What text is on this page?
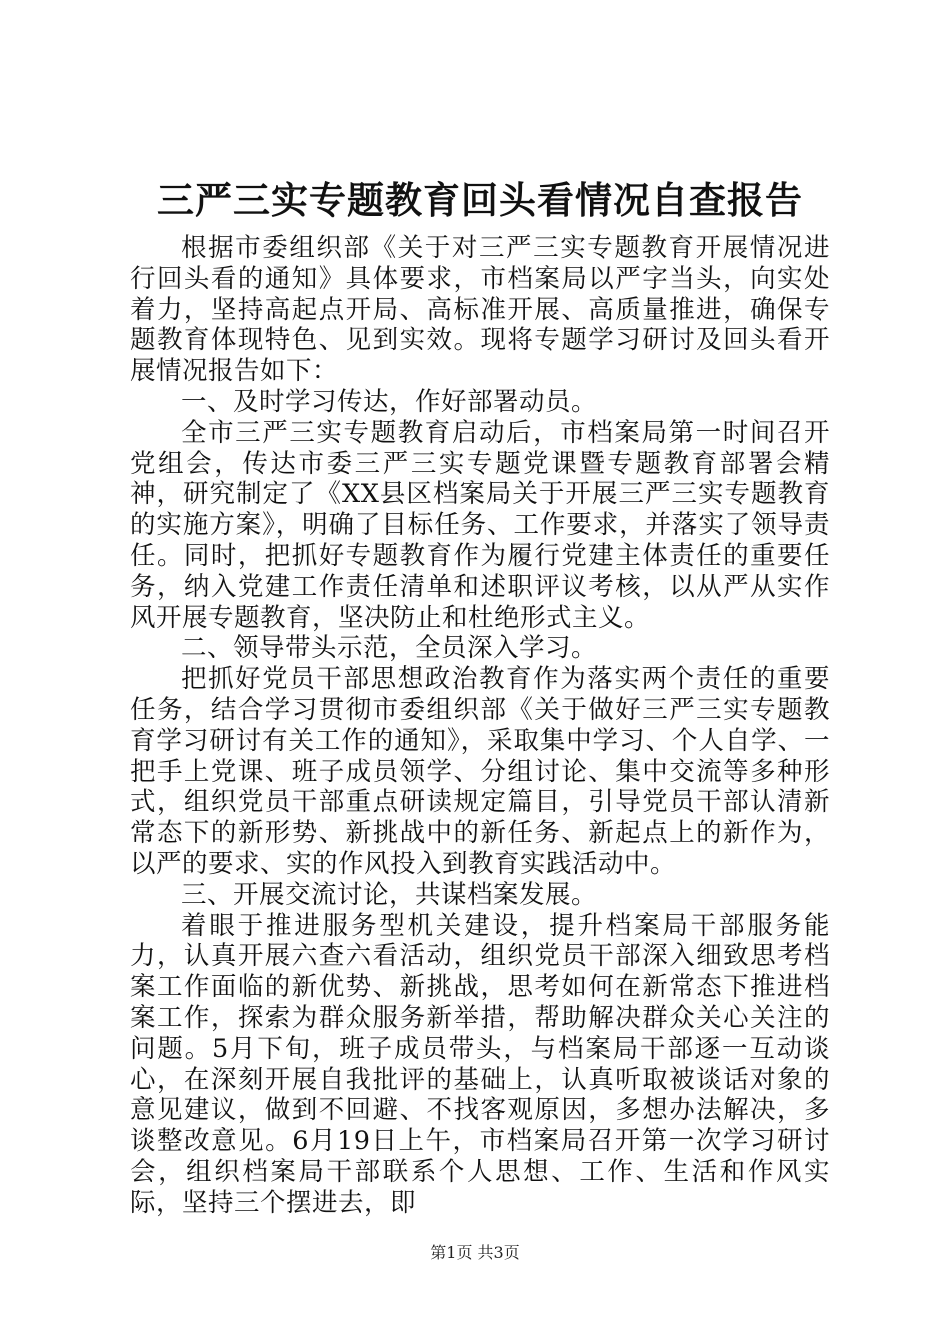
三严三实专题教育回头看情况自查报告

根据市委组织部《关于对三严三实专题教育开展情况进行回头看的通知》具体要求，市档案局以严字当头，向实处着力，坚持高起点开局、高标准开展、高质量推进，确保专题教育体现特色、见到实效。现将专题学习研讨及回头看开展情况报告如下：

一、及时学习传达，作好部署动员。

全市三严三实专题教育启动后，市档案局第一时间召开党组会，传达市委三严三实专题党课暨专题教育部署会精神，研究制定了《XX县区档案局关于开展三严三实专题教育的实施方案》，明确了目标任务、工作要求，并落实了领导责任。同时，把抓好专题教育作为履行党建主体责任的重要任务，纳入党建工作责任清单和述职评议考核，以从严从实作风开展专题教育，坚决防止和杜绝形式主义。

二、领导带头示范，全员深入学习。

把抓好党员干部思想政治教育作为落实两个责任的重要任务，结合学习贯彻市委组织部《关于做好三严三实专题教育学习研讨有关工作的通知》，采取集中学习、个人自学、一把手上党课、班子成员领学、分组讨论、集中交流等多种形式，组织党员干部重点研读规定篇目，引导党员干部认清新常态下的新形势、新挑战中的新任务、新起点上的新作为，以严的要求、实的作风投入到教育实践活动中。

三、开展交流讨论，共谋档案发展。

着眼于推进服务型机关建设，提升档案局干部服务能力，认真开展六查六看活动，组织党员干部深入细致思考档案工作面临的新优势、新挑战，思考如何在新常态下推进档案工作，探索为群众服务新举措，帮助解决群众关心关注的问题。5月下旬，班子成员带头，与档案局干部逐一互动谈心，在深刻开展自我批评的基础上，认真听取被谈话对象的意见建议，做到不回避、不找客观原因，多想办法解决，多谈整改意见。6月19日上午，市档案局召开第一次学习研讨会，组织档案局干部联系个人思想、工作、生活和作风实际，坚持三个摆进去，即

第1页 共3页
